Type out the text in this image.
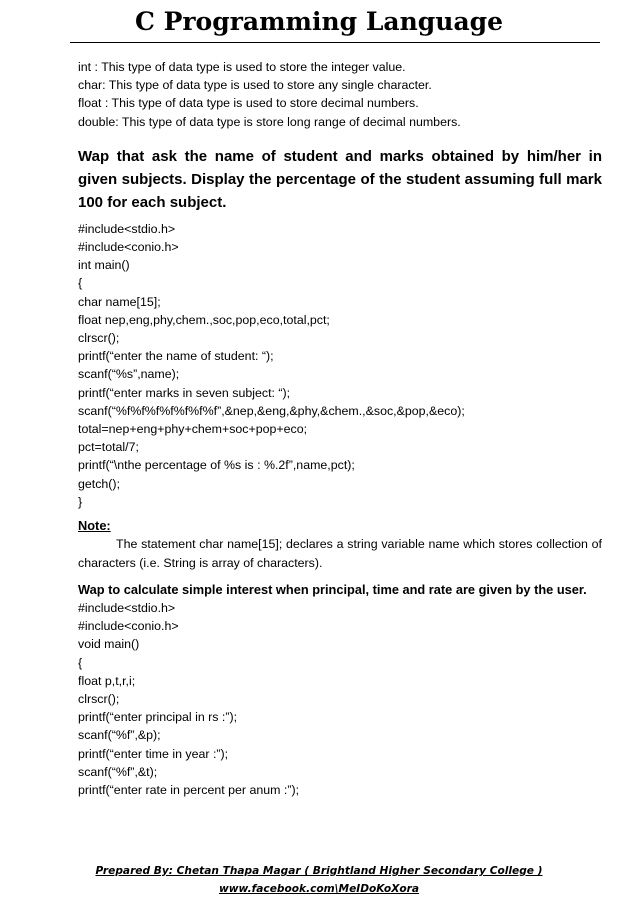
C Programming Language

int : This type of data type is used to store the integer value.

char: This type of data type is used to store any single character.

float : This type of data type is used to store decimal numbers.

double: This type of data type is store long range of decimal numbers.

Wap that ask the name of student and marks obtained by him/her in given subjects. Display the percentage of the student assuming full mark 100 for each subject.

#include<stdio.h>

#include<conio.h>

int main()

{

char name[15];

float nep,eng,phy,chem.,soc,pop,eco,total,pct;

clrscr();

printf(“enter the name of student: “);

scanf(“%s”,name);

printf(“enter marks in seven subject: “);

scanf(“%f%f%f%f%f%f%f”,&nep,&eng,&phy,&chem.,&soc,&pop,&eco);

total=nep+eng+phy+chem+soc+pop+eco;

pct=total/7;

printf(“\nthe percentage of %s is : %.2f”,name,pct);

getch();

}

Note:

The statement char name[15]; declares a string variable name which stores collection of characters (i.e. String is array of characters).

Wap to calculate simple interest when principal, time and rate are given by the user.

#include<stdio.h>

#include<conio.h>

void main()

{

float p,t,r,i;

clrscr();

printf(“enter principal in rs :”);

scanf(“%f”,&p);

printf(“enter time in year :”);

scanf(“%f”,&t);

printf(“enter rate in percent per anum :”);

Prepared By: Chetan Thapa Magar ( Brightland Higher Secondary College )
www.facebook.com\MeIDoKoXora
